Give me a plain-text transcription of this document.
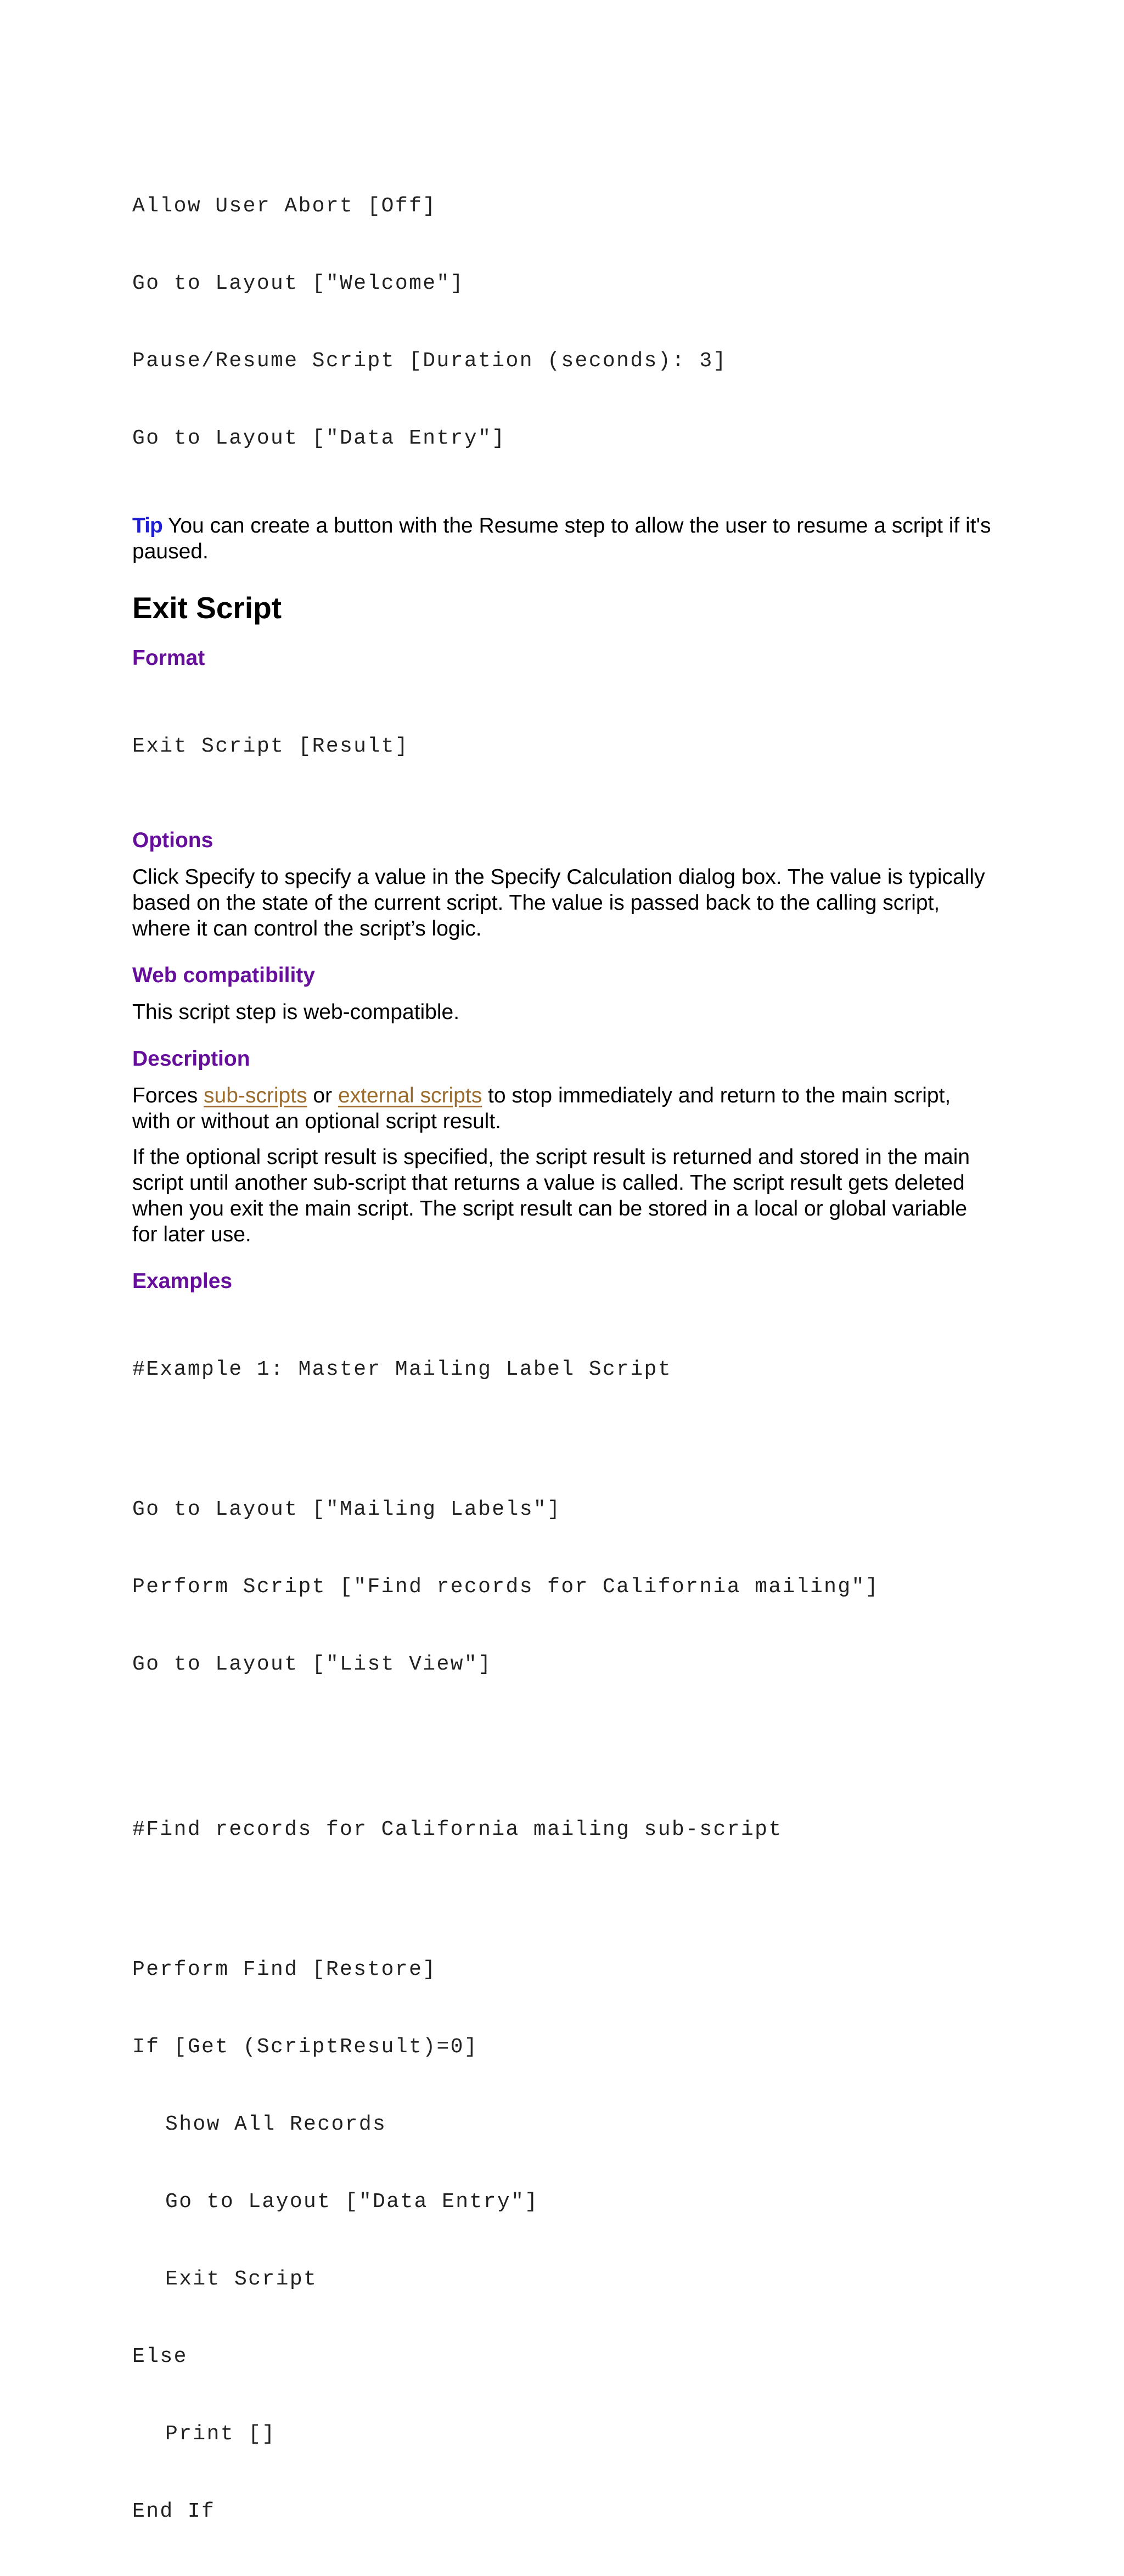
Allow User Abort [Off]

Go to Layout ["Welcome"]

Pause/Resume Script [Duration (seconds): 3]

Go to Layout ["Data Entry"]

Tip You can create a button with the Resume step to allow the user to resume a script if it's paused.

Exit Script
Format

Exit Script [Result]

Options

Click Specify to specify a value in the Specify Calculation dialog box. The value is typically based on the state of the current script. The value is passed back to the calling script, where it can control the script’s logic.

Web compatibility

This script step is web-compatible.

Description

Forces sub-scripts or external scripts to stop immediately and return to the main script, with or without an optional script result.

If the optional script result is specified, the script result is returned and stored in the main script until another sub-script that returns a value is called. The script result gets deleted when you exit the main script. The script result can be stored in a local or global variable for later use.

Examples

#Example 1: Master Mailing Label Script

Go to Layout ["Mailing Labels"]

Perform Script ["Find records for California mailing"]

Go to Layout ["List View"]

#Find records for California mailing sub-script

Perform Find [Restore]

If [Get (ScriptResult)=0]

Show All Records

Go to Layout ["Data Entry"]

Exit Script

Else

Print []

End If
